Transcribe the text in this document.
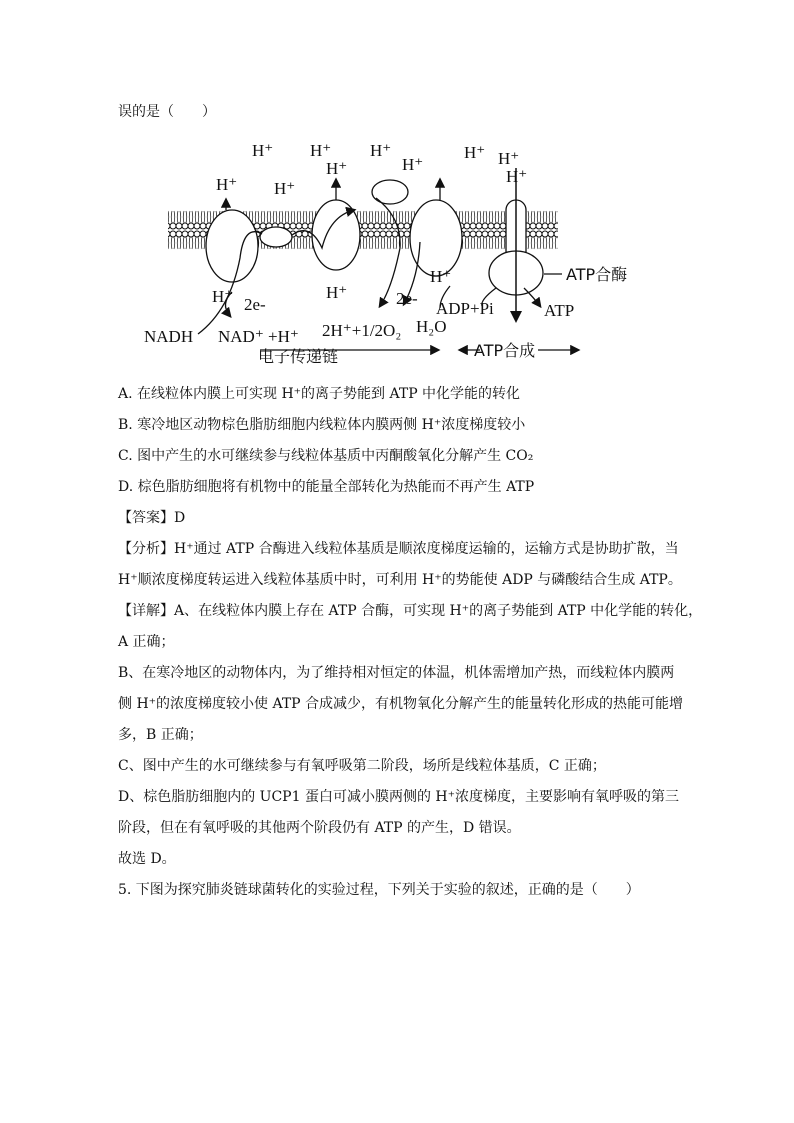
误的是（　　）
H⁺ H⁺ H⁺	H⁺
H⁺	H⁺	H⁺
H⁺
H⁺ H⁺
H⁺	H⁺
H⁺
2e-	2e-
NADH NAD⁺ +H⁺ 2H⁺+1/2O₂ H₂O
ADP+Pi	ATP
ATP合酶
电子传递链	ATP合成
A. 在线粒体内膜上可实现 H⁺的离子势能到 ATP 中化学能的转化
B. 寒冷地区动物棕色脂肪细胞内线粒体内膜两侧 H⁺浓度梯度较小
C. 图中产生的水可继续参与线粒体基质中丙酮酸氧化分解产生 CO₂
D. 棕色脂肪细胞将有机物中的能量全部转化为热能而不再产生 ATP
【答案】D
【分析】H⁺通过 ATP 合酶进入线粒体基质是顺浓度梯度运输的，运输方式是协助扩散，当
H⁺顺浓度梯度转运进入线粒体基质中时，可利用 H⁺的势能使 ADP 与磷酸结合生成 ATP。
【详解】A、在线粒体内膜上存在 ATP 合酶，可实现 H⁺的离子势能到 ATP 中化学能的转化，
A 正确；
B、在寒冷地区的动物体内，为了维持相对恒定的体温，机体需增加产热，而线粒体内膜两
侧 H⁺的浓度梯度较小使 ATP 合成减少，有机物氧化分解产生的能量转化形成的热能可能增
多，B 正确；
C、图中产生的水可继续参与有氧呼吸第二阶段，场所是线粒体基质，C 正确；
D、棕色脂肪细胞内的 UCP1 蛋白可减小膜两侧的 H⁺浓度梯度，主要影响有氧呼吸的第三
阶段，但在有氧呼吸的其他两个阶段仍有 ATP 的产生，D 错误。
故选 D。
5. 下图为探究肺炎链球菌转化的实验过程，下列关于实验的叙述，正确的是（　　）
